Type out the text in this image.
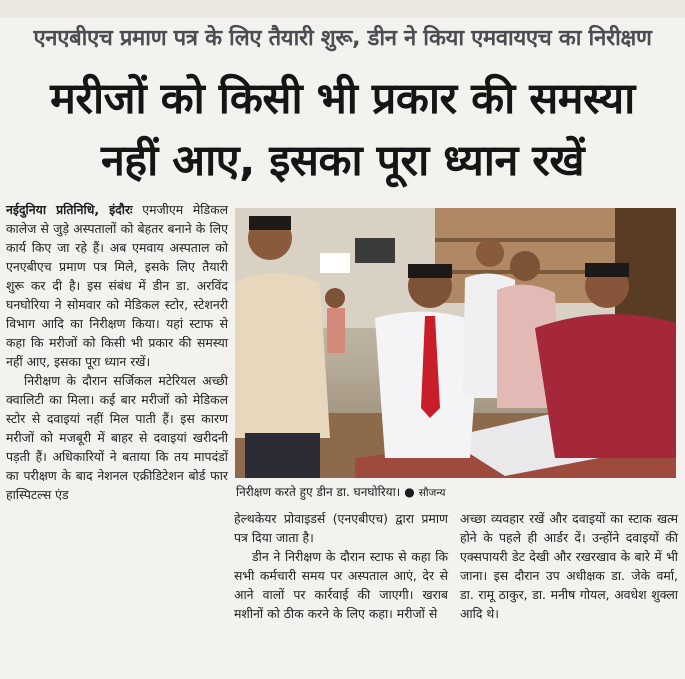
एनएबीएच प्रमाण पत्र के लिए तैयारी शुरू, डीन ने किया एमवायएच का निरीक्षण
मरीजों को किसी भी प्रकार की समस्या
नहीं आए, इसका पूरा ध्यान रखें

नईदुनिया प्रतिनिधि, इंदौरः एमजीएम मेडिकल कालेज से जुड़े अस्पतालों को बेहतर बनाने के लिए कार्य किए जा रहे हैं। अब एमवाय अस्पताल को एनएबीएच प्रमाण पत्र मिले, इसके लिए तैयारी शुरू कर दी है। इस संबंध में डीन डा. अरविंद घनघोरिया ने सोमवार को मेडिकल स्टोर, स्टेशनरी विभाग आदि का निरीक्षण किया। यहां स्टाफ से कहा कि मरीजों को किसी भी प्रकार की समस्या नहीं आए, इसका पूरा ध्यान रखें।

निरीक्षण के दौरान सर्जिकल मटेरियल अच्छी क्वालिटी का मिला। कई बार मरीजों को मेडिकल स्टोर से दवाइयां नहीं मिल पाती हैं। इस कारण मरीजों को मजबूरी में बाहर से दवाइयां खरीदनी पड़ती हैं। अधिकारियों ने बताया कि तय मापदंडों का परीक्षण के बाद नेशनल एक्रीडिटेशन बोर्ड फार हास्पिटल्स एंड	निरीक्षण करते हुए डीन डा. घनघोरिया। ● सौजन्य

हेल्थकेयर प्रोवाइडर्स (एनएबीएच) द्वारा प्रमाण पत्र दिया जाता है।

डीन ने निरीक्षण के दौरान स्टाफ से कहा कि सभी कर्मचारी समय पर अस्पताल आएं, देर से आने वालों पर कार्रवाई की जाएगी। खराब मशीनों को ठीक करने के लिए कहा। मरीजों से

अच्छा व्यवहार रखें और दवाइयों का स्टाक खत्म होने के पहले ही आर्डर दें। उन्होंने दवाइयों की एक्सपायरी डेट देखी और रखरखाव के बारे में भी जाना। इस दौरान उप अधीक्षक डा. जेके वर्मा, डा. रामू ठाकुर, डा. मनीष गोयल, अवधेश शुक्ला आदि थे।
